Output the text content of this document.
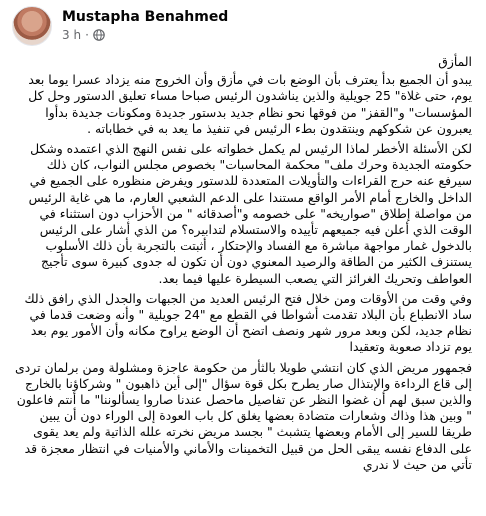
Mustapha Benahmed
3 h ·
المأزق
يبدو أن الجميع بدأ يعترف بأن الوضع بات في مأزق وأن الخروج منه يزداد عسرا يوما بعد يوم، حتى غلاة" 25 جويلية والذين يناشدون الرئيس صباحا مساء تعليق الدستور وحل كل المؤسسات" و"القفز" من فوقها نحو نظام جديد بدستور جديدة ومكونات جديدة بدأوا يعبرون عن شكوكهم وينتقدون بطء الرئيس في تنفيذ ما يعد به في خطاباته .
لكن الأسئلة الأخطر لماذا الرئيس لم يكمل خطواته على نفس النهج الذي اعتمده وشكل حكومته الجديدة وحرك ملف" محكمة المحاسبات" بخصوص مجلس النواب، كان ذلك سيرفع عنه حرج القراءات والتأويلات المتعددة للدستور ويفرض منظوره على الجميع في الداخل والخارج أمام الأمر الواقع مستندا على الدعم الشعبي العارم، ما هي غاية الرئيس من مواصلة إطلاق "صواريخه" على خصومه و"أصدقائه " من الأحزاب دون استثناء في الوقت الذي أعلن فيه جميعهم تأييده والاستسلام لتدابيره؟ من الذي أشار على الرئيس بالدخول غمار مواجهة مباشرة مع الفساد والإحتكار ، أثبتت بالتجربة بأن ذلك الأسلوب يستنزف الكثير من الطاقة والرصيد المعنوي دون أن تكون له جدوى كبيرة سوى تأجيج العواطف وتحريك الغرائز التي يصعب السيطرة عليها فيما بعد.
وفي وقت من الأوقات ومن خلال فتح الرئيس العديد من الجبهات والجدل الذي رافق ذلك ساد الانطباع بأن البلاد تقدمت أشواطا في القطع مع "24 جويلية " وأنه وضعت قدما في نظام جديد، لكن وبعد مرور شهر ونصف اتضح أن الوضع يراوح مكانه وأن الأمور يوم بعد يوم تزداد صعوبة وتعقيدا
فجمهور مريض الذي كان انتشي طويلا بالثأر من حكومة عاجزة ومشلولة ومن برلمان تردى إلى قاع الرداءة والإبتذال صار يطرح بكل قوة سؤال "إلى أين ذاهبون " وشركاؤنا بالخارج والذين سبق لهم أن غضوا النظر عن تفاصيل ماحصل عندنا صاروا يسألوننا" ما أنتم فاعلون " وبين هذا وذاك وشعارات متضادة بعضها يغلق كل باب العودة إلى الوراء دون أن يبين طريقا للسير إلى الأمام وبعضها يتشبث " بجسد مريض نخرته علله الذاتية ولم يعد يقوى على الدفاع نفسه يبقى الحل من قبيل التخمينات والأماني والأمنيات في انتظار معجزة قد تأتي من حيث لا ندري
